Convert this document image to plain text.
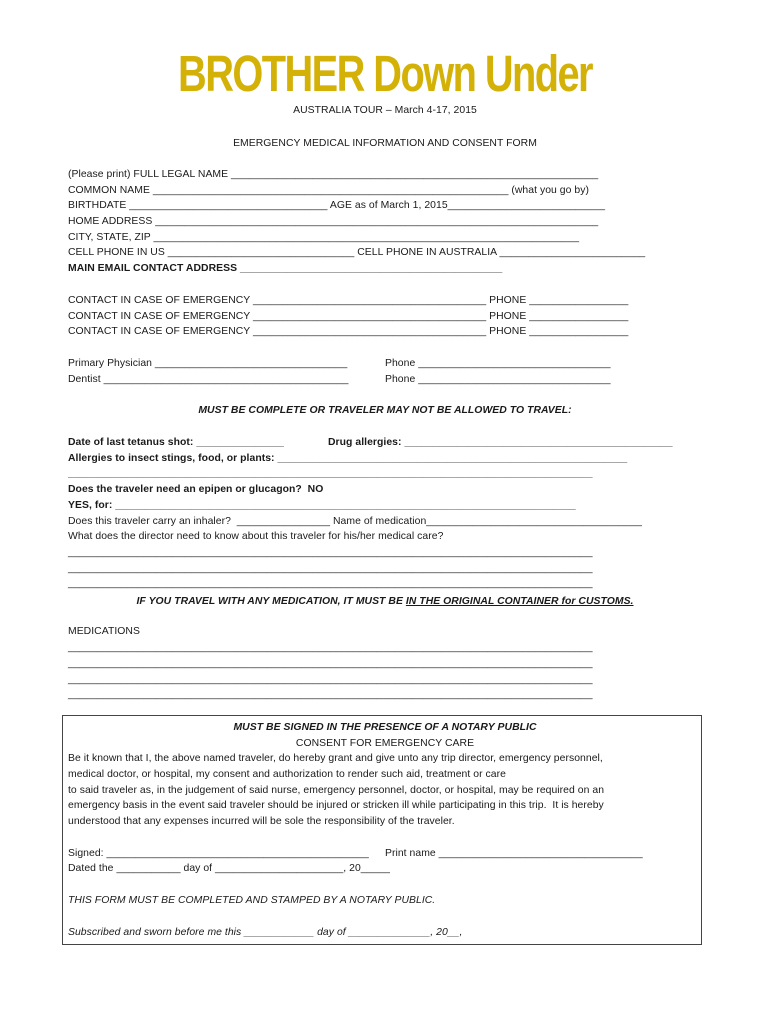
BROTHER Down Under
AUSTRALIA TOUR – March 4-17, 2015
EMERGENCY MEDICAL INFORMATION AND CONSENT FORM
(Please print) FULL LEGAL NAME _______________________________________________________________
COMMON NAME _____________________________________________________________ (what you go by)
BIRTHDATE __________________________________ AGE as of March 1, 2015___________________________
HOME ADDRESS ____________________________________________________________________________
CITY, STATE, ZIP _________________________________________________________________________
CELL PHONE IN US ________________________________ CELL PHONE IN AUSTRALIA _________________________
MAIN EMAIL CONTACT ADDRESS _____________________________________________
CONTACT IN CASE OF EMERGENCY ________________________________________ PHONE _________________
CONTACT IN CASE OF EMERGENCY ________________________________________ PHONE _________________
CONTACT IN CASE OF EMERGENCY ________________________________________ PHONE _________________
Primary Physician _________________________________	Phone _________________________________
Dentist __________________________________________	Phone _________________________________
MUST BE COMPLETE OR TRAVELER MAY NOT BE ALLOWED TO TRAVEL:
Date of last tetanus shot: _______________	Drug allergies: ______________________________________________
Allergies to insect stings, food, or plants: ____________________________________________________________
__________________________________________________________________________________________
Does the traveler need an epipen or glucagon?  NO
YES, for: _______________________________________________________________________________
Does this traveler carry an inhaler?  ________________ Name of medication_____________________________________
What does the director need to know about this traveler for his/her medical care?
__________________________________________________________________________________________
__________________________________________________________________________________________
__________________________________________________________________________________________
IF YOU TRAVEL WITH ANY MEDICATION, IT MUST BE IN THE ORIGINAL CONTAINER for CUSTOMS.
MEDICATIONS
__________________________________________________________________________________________
__________________________________________________________________________________________
__________________________________________________________________________________________
__________________________________________________________________________________________
MUST BE SIGNED IN THE PRESENCE OF A NOTARY PUBLIC
CONSENT FOR EMERGENCY CARE
Be it known that I, the above named traveler, do hereby grant and give unto any trip director, emergency personnel,
medical doctor, or hospital, my consent and authorization to render such aid, treatment or care
to said traveler as, in the judgement of said nurse, emergency personnel, doctor, or hospital, may be required on an
emergency basis in the event said traveler should be injured or stricken ill while participating in this trip.  It is hereby
understood that any expenses incurred will be sole the responsibility of the traveler.
Signed: _____________________________________________ Print name ___________________________________
Dated the ___________ day of ______________________, 20_____
THIS FORM MUST BE COMPLETED AND STAMPED BY A NOTARY PUBLIC.
Subscribed and sworn before me this ____________ day of ______________, 20__,
